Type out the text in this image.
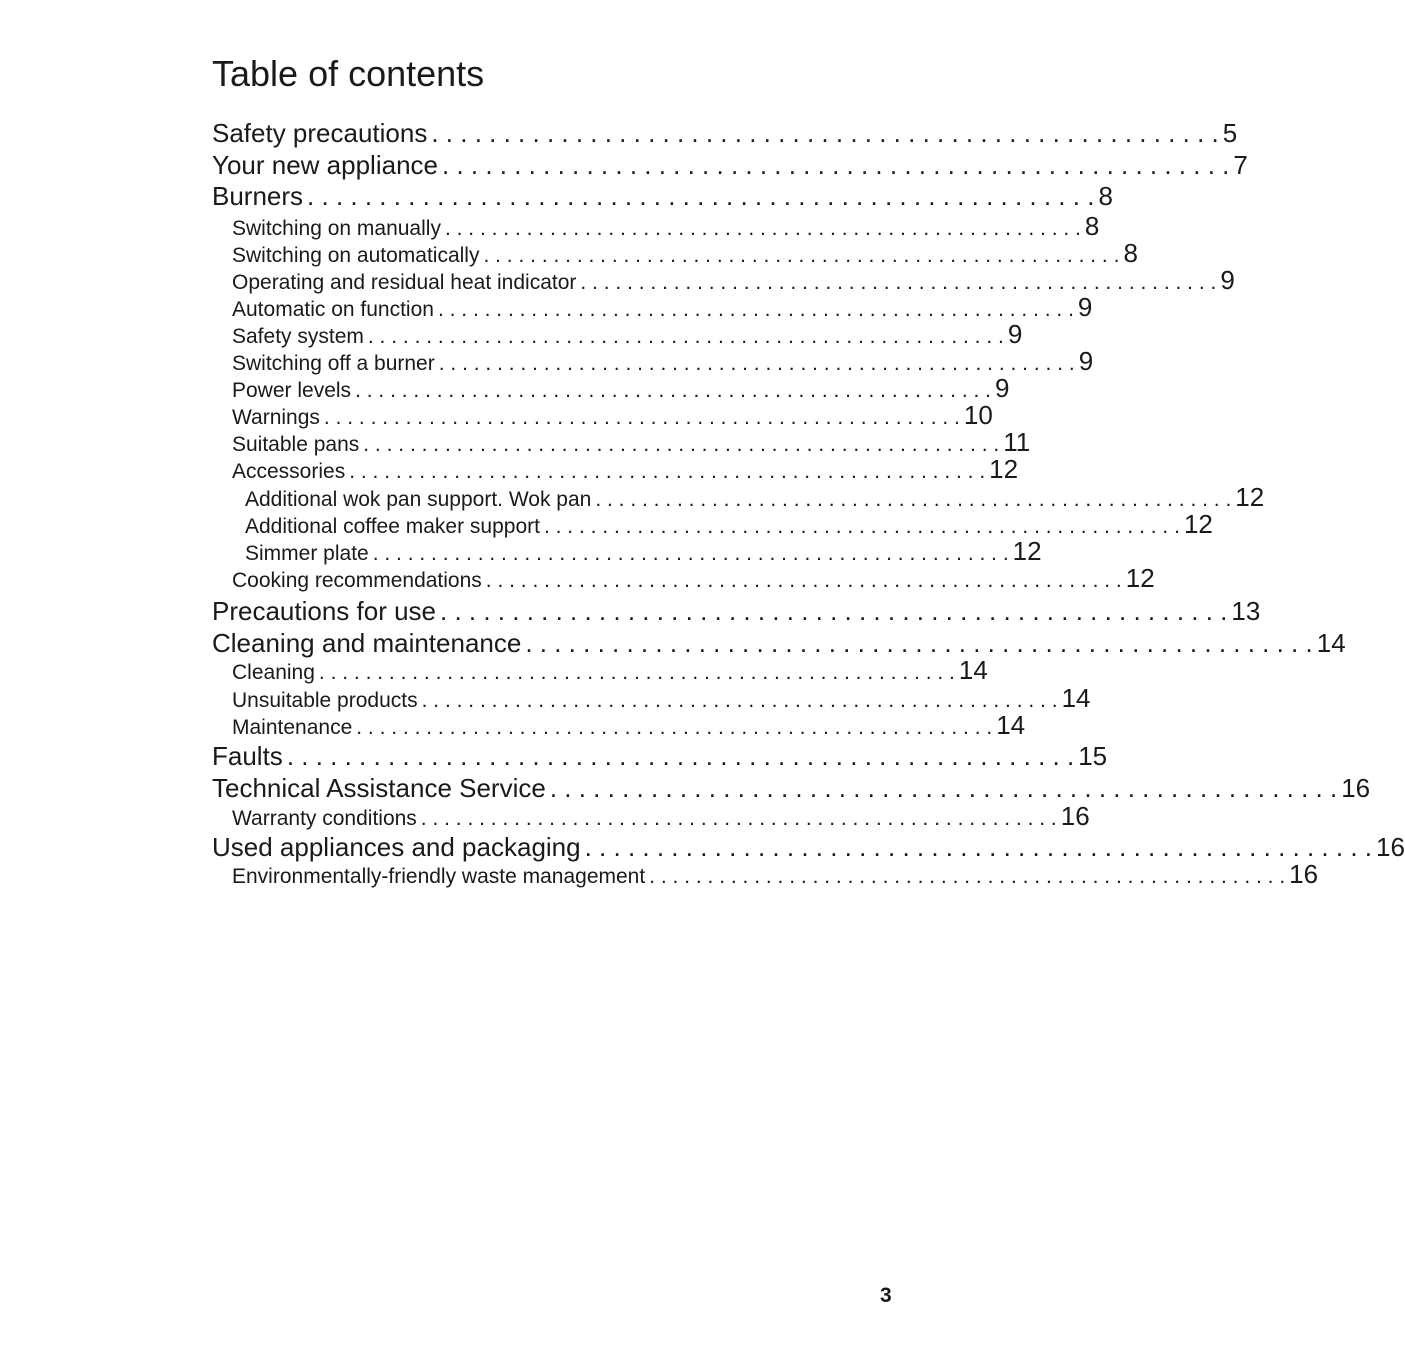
Table of contents
Safety precautions . . . . . . . . . . . . . . . . . . . . . . . . . . . . . . . . . . . . . . . . . . . . . . . . . . . . . . . 5
Your new appliance . . . . . . . . . . . . . . . . . . . . . . . . . . . . . . . . . . . . . . . . . . . . . . . . . . . . . . . 7
Burners . . . . . . . . . . . . . . . . . . . . . . . . . . . . . . . . . . . . . . . . . . . . . . . . . . . . . . . 8
Switching on manually . . . . . . . . . . . . . . . . . . . . . . . . . . . . . . . . . . . . . . . . . . . . . . . . . . . . . . . 8
Switching on automatically . . . . . . . . . . . . . . . . . . . . . . . . . . . . . . . . . . . . . . . . . . . . . . . . . . . . . . . 8
Operating and residual heat indicator . . . . . . . . . . . . . . . . . . . . . . . . . . . . . . . . . . . . . . . . . . . . . . . . . . . . . . . 9
Automatic on function . . . . . . . . . . . . . . . . . . . . . . . . . . . . . . . . . . . . . . . . . . . . . . . . . . . . . . . 9
Safety system . . . . . . . . . . . . . . . . . . . . . . . . . . . . . . . . . . . . . . . . . . . . . . . . . . . . . . . 9
Switching off a burner . . . . . . . . . . . . . . . . . . . . . . . . . . . . . . . . . . . . . . . . . . . . . . . . . . . . . . . 9
Power levels . . . . . . . . . . . . . . . . . . . . . . . . . . . . . . . . . . . . . . . . . . . . . . . . . . . . . . . 9
Warnings . . . . . . . . . . . . . . . . . . . . . . . . . . . . . . . . . . . . . . . . . . . . . . . . . . . . . . . 10
Suitable pans . . . . . . . . . . . . . . . . . . . . . . . . . . . . . . . . . . . . . . . . . . . . . . . . . . . . . . . 11
Accessories . . . . . . . . . . . . . . . . . . . . . . . . . . . . . . . . . . . . . . . . . . . . . . . . . . . . . . . 12
Additional wok pan support. Wok pan . . . . . . . . . . . . . . . . . . . . . . . . . . . . . . . . . . . . . . . . . . . . . . . . . . . . . . . 12
Additional coffee maker support . . . . . . . . . . . . . . . . . . . . . . . . . . . . . . . . . . . . . . . . . . . . . . . . . . . . . . . 12
Simmer plate . . . . . . . . . . . . . . . . . . . . . . . . . . . . . . . . . . . . . . . . . . . . . . . . . . . . . . . 12
Cooking recommendations . . . . . . . . . . . . . . . . . . . . . . . . . . . . . . . . . . . . . . . . . . . . . . . . . . . . . . . 12
Precautions for use . . . . . . . . . . . . . . . . . . . . . . . . . . . . . . . . . . . . . . . . . . . . . . . . . . . . . . . 13
Cleaning and maintenance . . . . . . . . . . . . . . . . . . . . . . . . . . . . . . . . . . . . . . . . . . . . . . . . . . . . . . . 14
Cleaning . . . . . . . . . . . . . . . . . . . . . . . . . . . . . . . . . . . . . . . . . . . . . . . . . . . . . . . 14
Unsuitable products . . . . . . . . . . . . . . . . . . . . . . . . . . . . . . . . . . . . . . . . . . . . . . . . . . . . . . . 14
Maintenance . . . . . . . . . . . . . . . . . . . . . . . . . . . . . . . . . . . . . . . . . . . . . . . . . . . . . . . 14
Faults . . . . . . . . . . . . . . . . . . . . . . . . . . . . . . . . . . . . . . . . . . . . . . . . . . . . . . . 15
Technical Assistance Service . . . . . . . . . . . . . . . . . . . . . . . . . . . . . . . . . . . . . . . . . . . . . . . . . . . . . . . 16
Warranty conditions . . . . . . . . . . . . . . . . . . . . . . . . . . . . . . . . . . . . . . . . . . . . . . . . . . . . . . . 16
Used appliances and packaging . . . . . . . . . . . . . . . . . . . . . . . . . . . . . . . . . . . . . . . . . . . . . . . . . . . . . . . 16
Environmentally-friendly waste management . . . . . . . . . . . . . . . . . . . . . . . . . . . . . . . . . . . . . . . . . . . . . . . . . . . . . . . 16
3
